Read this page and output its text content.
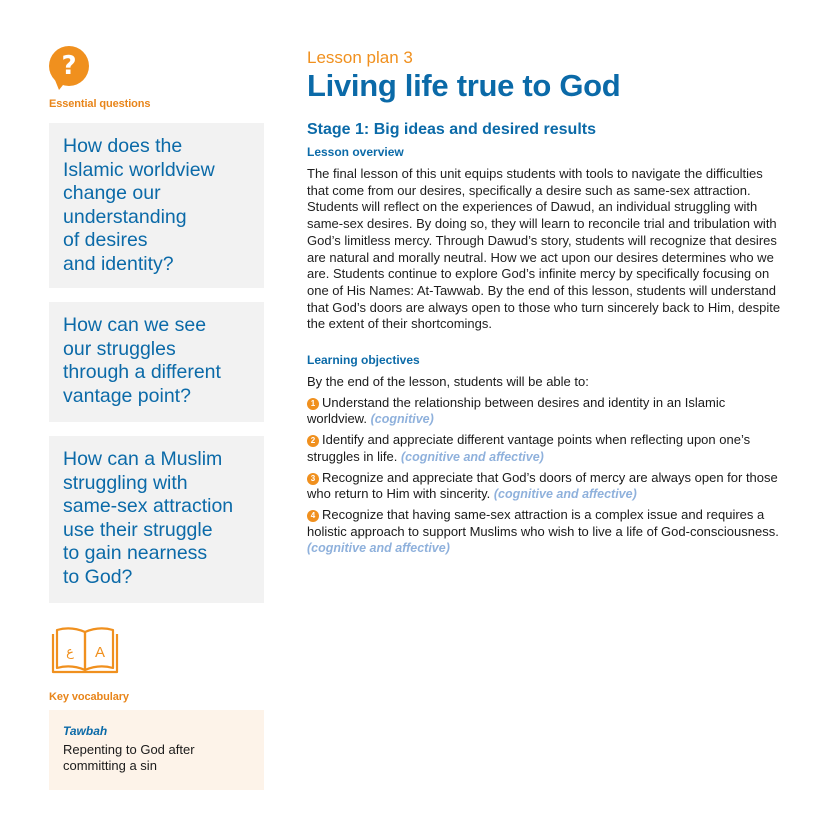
?
Essential questions
How does the
Islamic worldview
change our
understanding
of desires
and identity?
How can we see
our struggles
through a different
vantage point?
How can a Muslim
struggling with
same-sex attraction
use their struggle
to gain nearness
to God?
ع A
Key vocabulary
Tawbah
Repenting to God after committing a sin
Lesson plan 3
Living life true to God
Stage 1: Big ideas and desired results
Lesson overview
The final lesson of this unit equips students with tools to navigate the difficulties that come from our desires, specifically a desire such as same-sex attraction. Students will reflect on the experiences of Dawud, an individual struggling with same-sex desires. By doing so, they will learn to reconcile trial and tribulation with God’s limitless mercy. Through Dawud’s story, students will recognize that desires are natural and morally neutral. How we act upon our desires determines who we are. Students continue to explore God’s infinite mercy by specifically focusing on one of His Names: At-Tawwab. By the end of this lesson, students will understand that God’s doors are always open to those who turn sincerely back to Him, despite the extent of their shortcomings.
Learning objectives
By the end of the lesson, students will be able to:
1 Understand the relationship between desires and identity in an Islamic worldview. (cognitive)
2 Identify and appreciate different vantage points when reflecting upon one’s struggles in life. (cognitive and affective)
3 Recognize and appreciate that God’s doors of mercy are always open for those who return to Him with sincerity. (cognitive and affective)
4 Recognize that having same-sex attraction is a complex issue and requires a holistic approach to support Muslims who wish to live a life of God-consciousness. (cognitive and affective)
